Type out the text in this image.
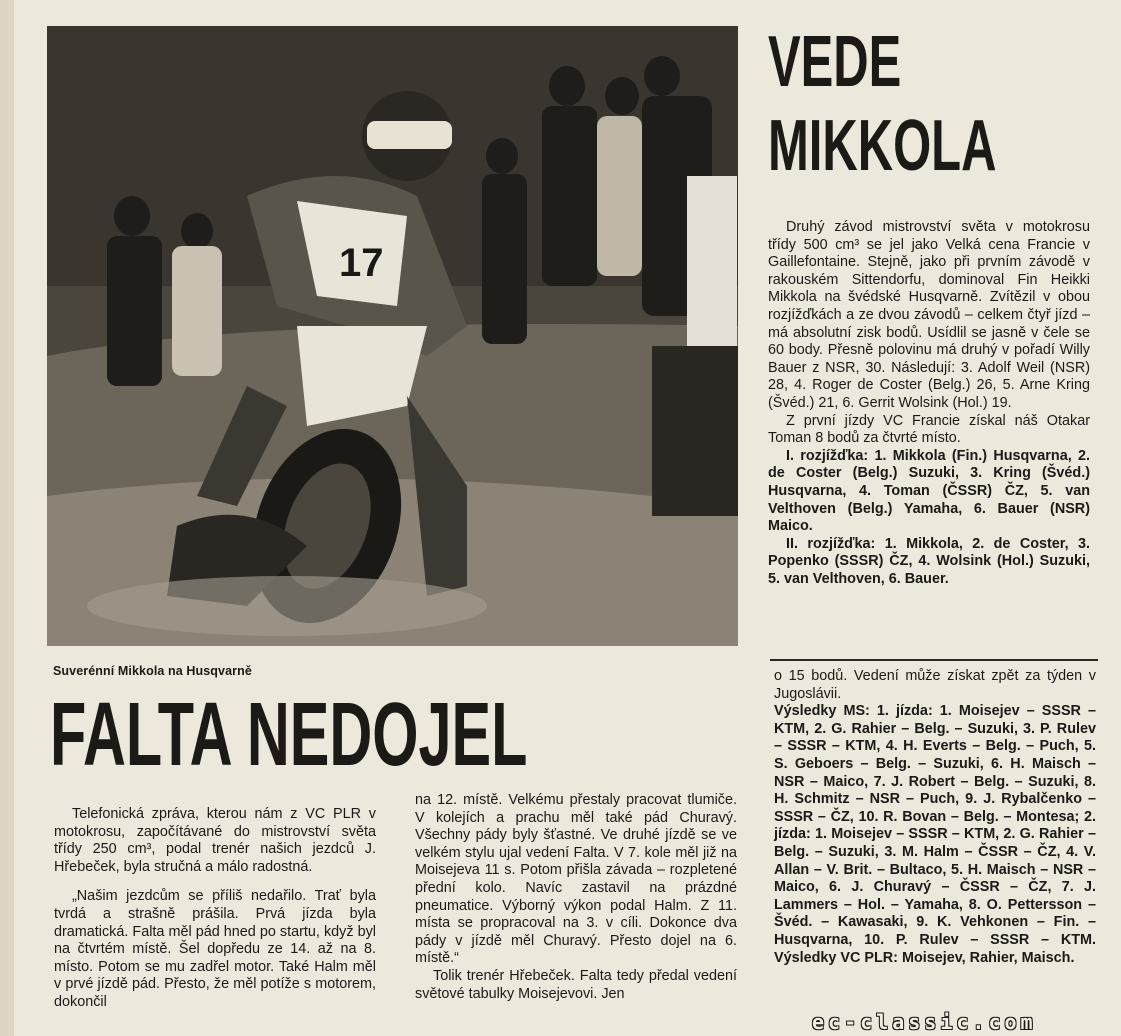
17
Suverénní Mikkola na Husqvarně
VEDE
MIKKOLA

Druhý závod mistrovství světa v motokrosu třídy 500 cm³ se jel jako Velká cena Francie v Gaillefontaine. Stejně, jako při prvním závodě v rakouském Sittendorfu, dominoval Fin Heikki Mikkola na švédské Husqvarně. Zvítězil v obou rozjížďkách a ze dvou závodů – celkem čtyř jízd – má absolutní zisk bodů. Usídlil se jasně v čele se 60 body. Přesně polovinu má druhý v pořadí Willy Bauer z NSR, 30. Následují: 3. Adolf Weil (NSR) 28, 4. Roger de Coster (Belg.) 26, 5. Arne Kring (Švéd.) 21, 6. Gerrit Wolsink (Hol.) 19.

Z první jízdy VC Francie získal náš Otakar Toman 8 bodů za čtvrté místo.

I. rozjížďka: 1. Mikkola (Fin.) Husqvarna, 2. de Coster (Belg.) Suzuki, 3. Kring (Švéd.) Husqvarna, 4. Toman (ČSSR) ČZ, 5. van Velthoven (Belg.) Yamaha, 6. Bauer (NSR) Maico.

II. rozjížďka: 1. Mikkola, 2. de Coster, 3. Popenko (SSSR) ČZ, 4. Wolsink (Hol.) Suzuki, 5. van Velthoven, 6. Bauer.

FALTA NEDOJEL

Telefonická zpráva, kterou nám z VC PLR v motokrosu, započítávané do mistrovství světa třídy 250 cm³, podal trenér našich jezdců J. Hřebeček, byla stručná a málo radostná.

„Našim jezdcům se příliš nedařilo. Trať byla tvrdá a strašně prášila. Prvá jízda byla dramatická. Falta měl pád hned po startu, když byl na čtvrtém místě. Šel dopředu ze 14. až na 8. místo. Potom se mu zadřel motor. Také Halm měl v prvé jízdě pád. Přesto, že měl potíže s motorem, dokončil

na 12. místě. Velkému přestaly pracovat tlumiče. V kolejích a prachu měl také pád Churavý. Všechny pády byly šťastné. Ve druhé jízdě se ve velkém stylu ujal vedení Falta. V 7. kole měl již na Moisejeva 11 s. Potom přišla závada – rozpletené přední kolo. Navíc zastavil na prázdné pneumatice. Výborný výkon podal Halm. Z 11. místa se propracoval na 3. v cíli. Dokonce dva pády v jízdě měl Churavý. Přesto dojel na 6. místě.“

Tolik trenér Hřebeček. Falta tedy předal vedení světové tabulky Moisejevovi. Jen

o 15 bodů. Vedení může získat zpět za týden v Jugoslávii.

Výsledky MS: 1. jízda: 1. Moisejev – SSSR – KTM, 2. G. Rahier – Belg. – Suzuki, 3. P. Rulev – SSSR – KTM, 4. H. Everts – Belg. – Puch, 5. S. Geboers – Belg. – Suzuki, 6. H. Maisch – NSR – Maico, 7. J. Robert – Belg. – Suzuki, 8. H. Schmitz – NSR – Puch, 9. J. Rybalčenko – SSSR – ČZ, 10. R. Bovan – Belg. – Montesa; 2. jízda: 1. Moisejev – SSSR – KTM, 2. G. Rahier – Belg. – Suzuki, 3. M. Halm – ČSSR – ČZ, 4. V. Allan – V. Brit. – Bultaco, 5. H. Maisch – NSR – Maico, 6. J. Churavý – ČSSR – ČZ, 7. J. Lammers – Hol. – Yamaha, 8. O. Pettersson – Švéd. – Kawasaki, 9. K. Vehkonen – Fin. – Husqvarna, 10. P. Rulev – SSSR – KTM. Výsledky VC PLR: Moisejev, Rahier, Maisch.

ec-classic.com
